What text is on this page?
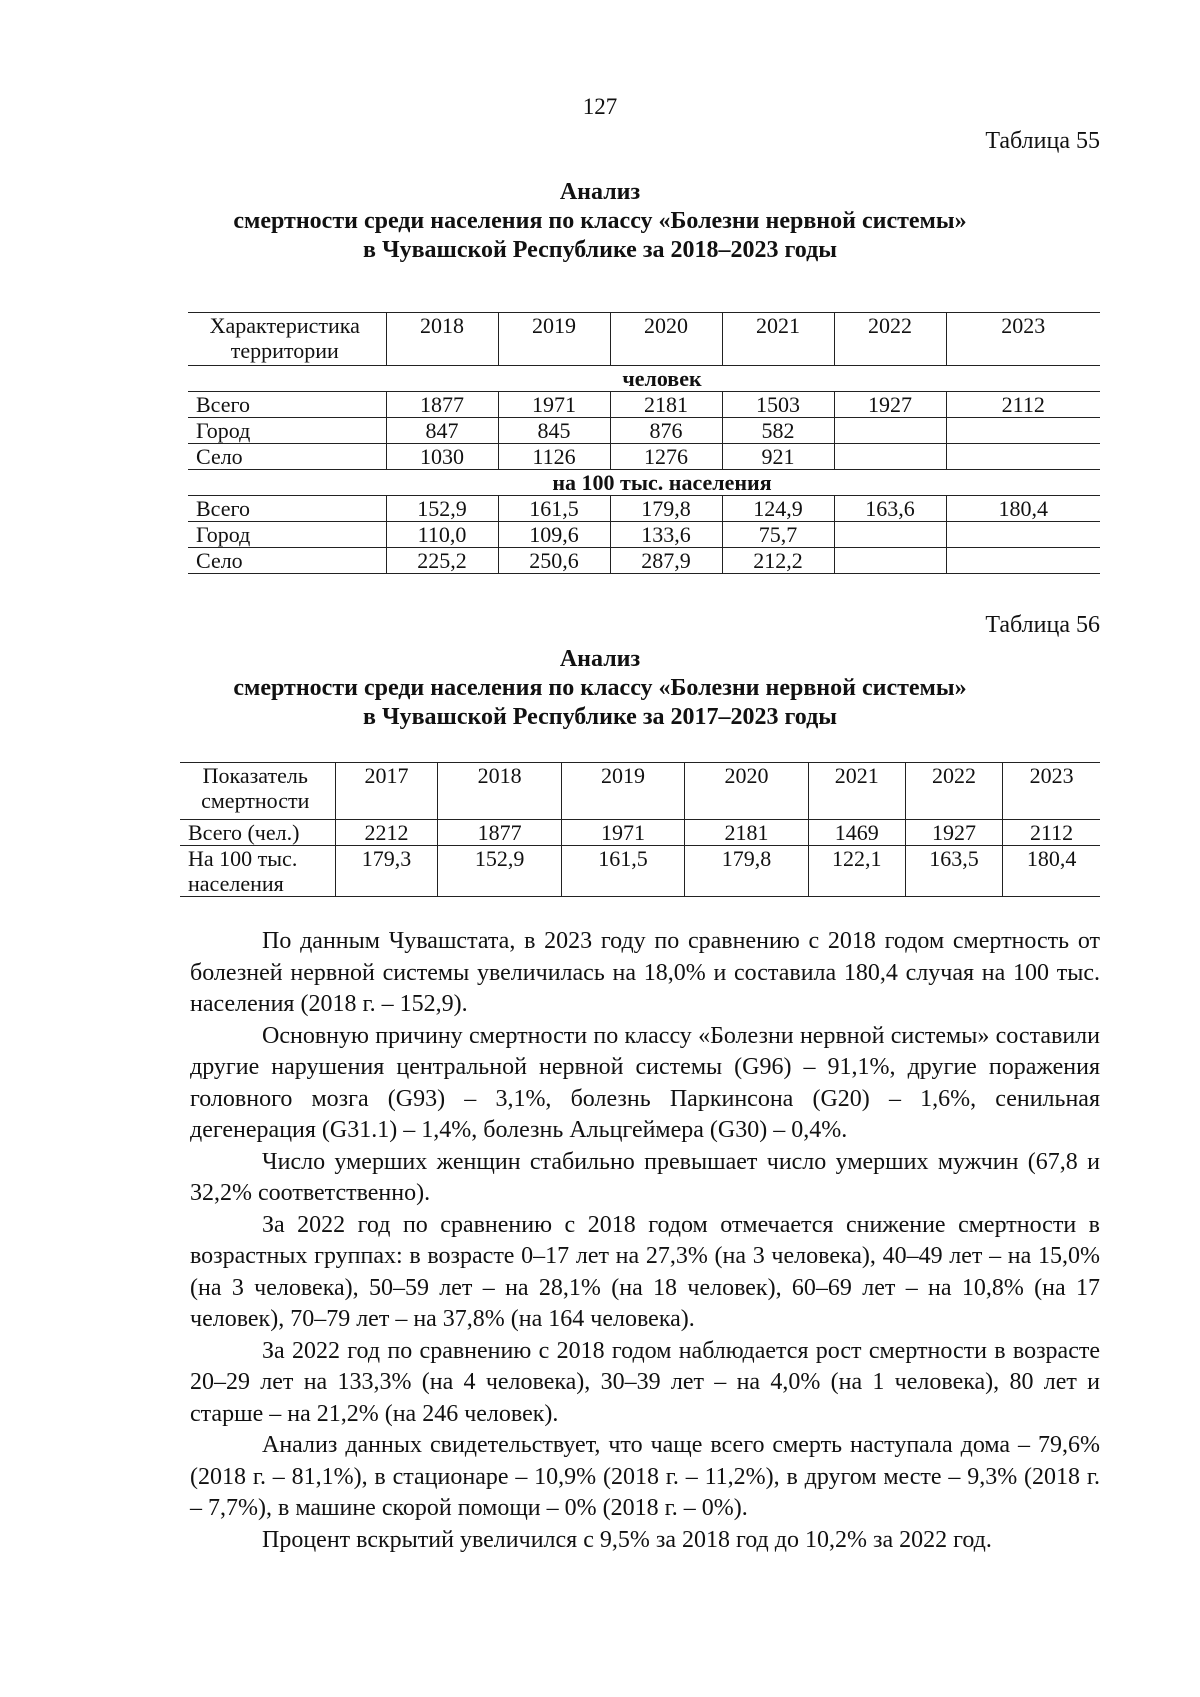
127
Таблица 55
Анализ
смертности среди населения по классу «Болезни нервной системы»
в Чувашской Республике за 2018–2023 годы
Характеристика территории	2018	2019	2020	2021	2022	2023
человек						
Всего	1877	1971	2181	1503	1927	2112
Город	847	845	876	582		
Село	1030	1126	1276	921		
на 100 тыс. населения						
Всего	152,9	161,5	179,8	124,9	163,6	180,4
Город	110,0	109,6	133,6	75,7		
Село	225,2	250,6	287,9	212,2		
Таблица 56
Анализ
смертности среди населения по классу «Болезни нервной системы»
в Чувашской Республике за 2017–2023 годы
Показатель смертности	2017	2018	2019	2020	2021	2022	2023
Всего (чел.)	2212	1877	1971	2181	1469	1927	2112
На 100 тыс. населения	179,3	152,9	161,5	179,8	122,1	163,5	180,4

По данным Чувашстата, в 2023 году по сравнению с 2018 годом смертность от болезней нервной системы увеличилась на 18,0% и составила 180,4 случая на 100 тыс. населения (2018 г. – 152,9).

Основную причину смертности по классу «Болезни нервной системы» составили другие нарушения центральной нервной системы (G96) – 91,1%, другие поражения головного мозга (G93) – 3,1%, болезнь Паркинсона (G20) – 1,6%, сенильная дегенерация (G31.1) – 1,4%, болезнь Альцгеймера (G30) – 0,4%.

Число умерших женщин стабильно превышает число умерших мужчин (67,8 и 32,2% соответственно).

За 2022 год по сравнению с 2018 годом отмечается снижение смертности в возрастных группах: в возрасте 0–17 лет на 27,3% (на 3 человека), 40–49 лет – на 15,0% (на 3 человека), 50–59 лет – на 28,1% (на 18 человек), 60–69 лет – на 10,8% (на 17 человек), 70–79 лет – на 37,8% (на 164 человека).

За 2022 год по сравнению с 2018 годом наблюдается рост смертности в возрасте 20–29 лет на 133,3% (на 4 человека), 30–39 лет – на 4,0% (на 1 человека), 80 лет и старше – на 21,2% (на 246 человек).

Анализ данных свидетельствует, что чаще всего смерть наступала дома – 79,6% (2018 г. – 81,1%), в стационаре – 10,9% (2018 г. – 11,2%), в другом месте – 9,3% (2018 г. – 7,7%), в машине скорой помощи – 0% (2018 г. – 0%).

Процент вскрытий увеличился с 9,5% за 2018 год до 10,2% за 2022 год.
